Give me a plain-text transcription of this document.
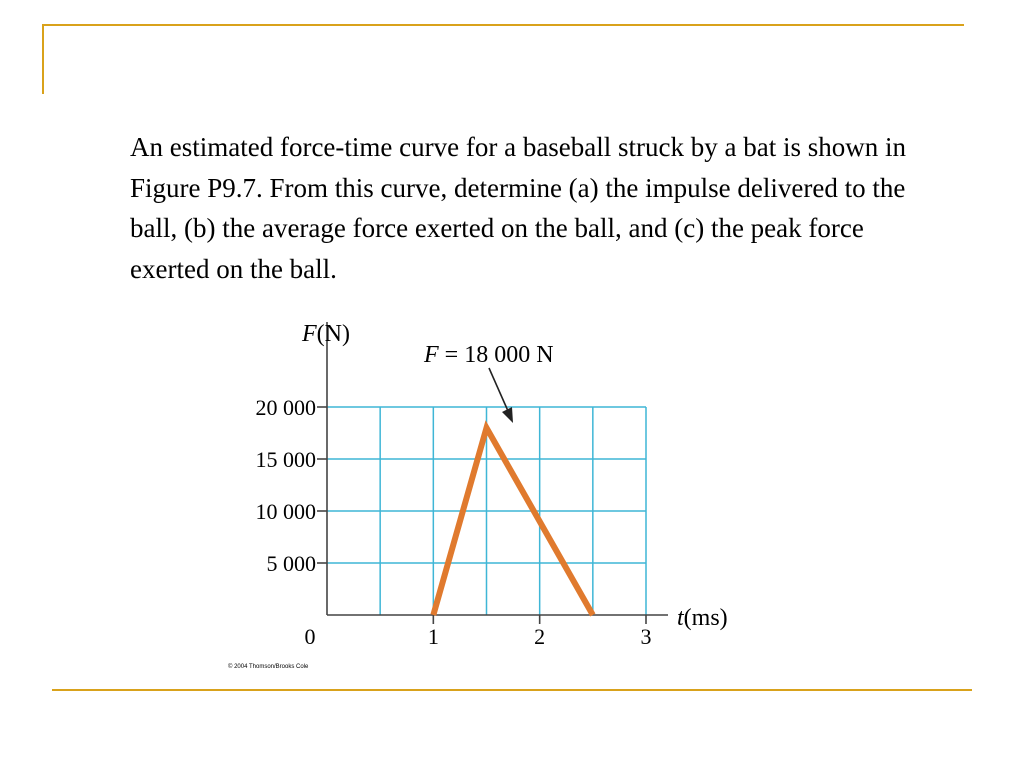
An estimated force-time curve for a baseball struck by a bat is shown in Figure P9.7. From this curve, determine (a) the impulse delivered to the ball, (b) the average force exerted on the ball, and (c) the peak force exerted on the ball.

5 000
10 000
15 000
20 000
0	1	2	3
F(N)
t(ms)
F = 18 000 N
© 2004 Thomson/Brooks Cole
